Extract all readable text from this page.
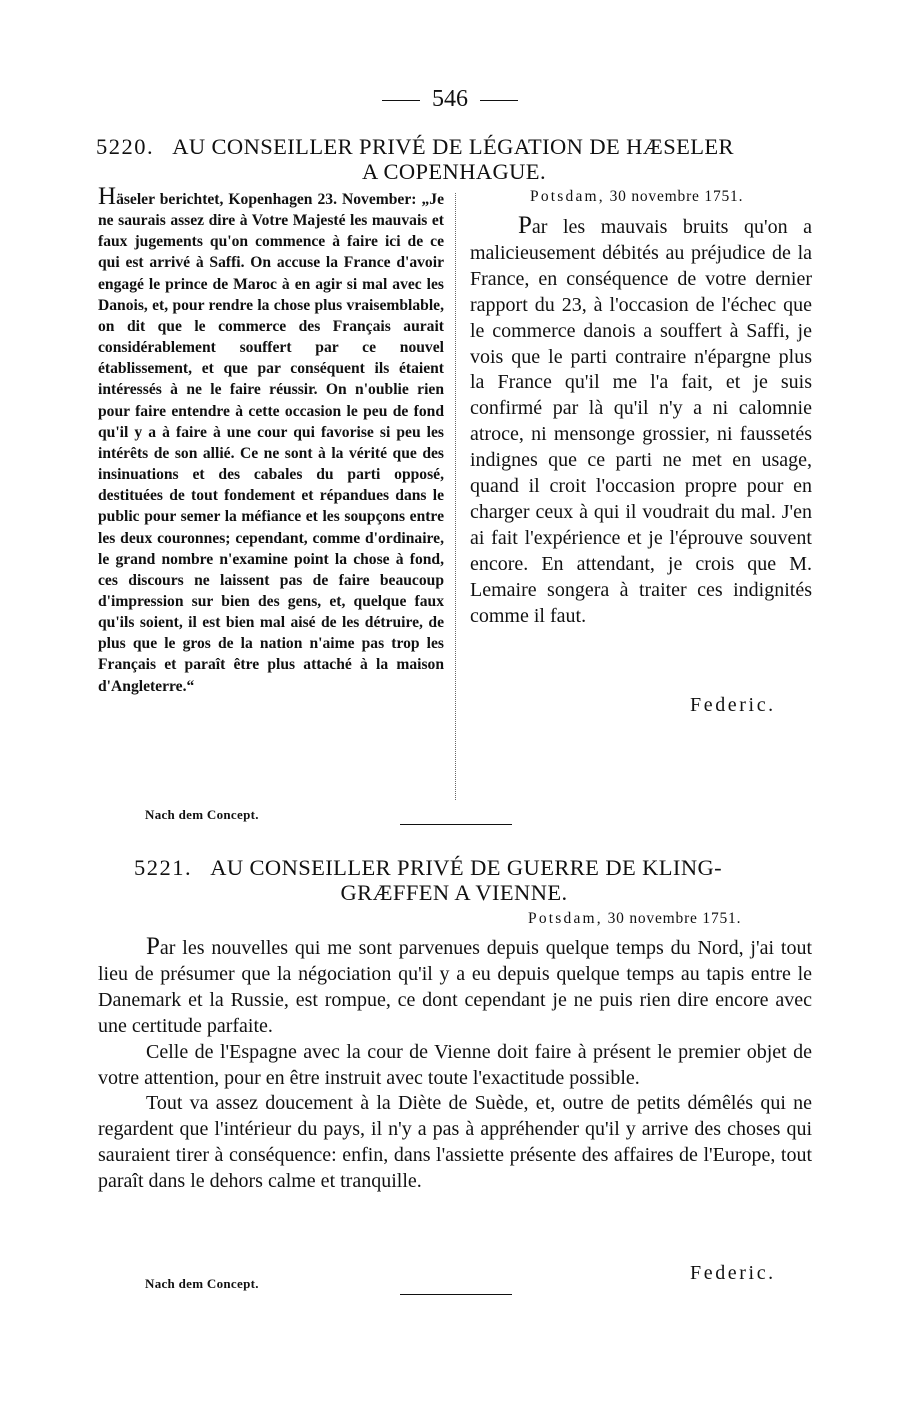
546
5220. AU CONSEILLER PRIVÉ DE LÉGATION DE HÆSELER
A COPENHAGUE.

Häseler berichtet, Kopenhagen 23. November: „Je ne saurais assez dire à Votre Majesté les mauvais et faux jugements qu'on commence à faire ici de ce qui est arrivé à Saffi. On accuse la France d'avoir engagé le prince de Maroc à en agir si mal avec les Danois, et, pour rendre la chose plus vraisemblable, on dit que le commerce des Français aurait considérablement souffert par ce nouvel établissement, et que par conséquent ils étaient intéressés à ne le faire réussir. On n'oublie rien pour faire entendre à cette occasion le peu de fond qu'il y a à faire à une cour qui favorise si peu les intérêts de son allié. Ce ne sont à la vérité que des insinuations et des cabales du parti opposé, destituées de tout fondement et répandues dans le public pour semer la méfiance et les soupçons entre les deux couronnes; cependant, comme d'ordinaire, le grand nombre n'examine point la chose à fond, ces discours ne laissent pas de faire beaucoup d'impression sur bien des gens, et, quelque faux qu'ils soient, il est bien mal aisé de les détruire, de plus que le gros de la nation n'aime pas trop les Français et paraît être plus attaché à la maison d'Angleterre.“

Potsdam, 30 novembre 1751.

Par les mauvais bruits qu'on a malicieusement débités au préjudice de la France, en conséquence de votre dernier rapport du 23, à l'occasion de l'échec que le commerce danois a souffert à Saffi, je vois que le parti contraire n'épargne plus la France qu'il me l'a fait, et je suis confirmé par là qu'il n'y a ni calomnie atroce, ni mensonge grossier, ni faussetés indignes que ce parti ne met en usage, quand il croit l'occasion propre pour en charger ceux à qui il voudrait du mal. J'en ai fait l'expérience et je l'éprouve souvent encore. En attendant, je crois que M. Lemaire songera à traiter ces indignités comme il faut.

Federic.
Nach dem Concept.
5221. AU CONSEILLER PRIVÉ DE GUERRE DE KLING-
GRÆFFEN A VIENNE.
Potsdam, 30 novembre 1751.

Par les nouvelles qui me sont parvenues depuis quelque temps du Nord, j'ai tout lieu de présumer que la négociation qu'il y a eu depuis quelque temps au tapis entre le Danemark et la Russie, est rompue, ce dont cependant je ne puis rien dire encore avec une certitude parfaite.

Celle de l'Espagne avec la cour de Vienne doit faire à présent le premier objet de votre attention, pour en être instruit avec toute l'exactitude possible.

Tout va assez doucement à la Diète de Suède, et, outre de petits démêlés qui ne regardent que l'intérieur du pays, il n'y a pas à appréhender qu'il y arrive des choses qui sauraient tirer à conséquence: enfin, dans l'assiette présente des affaires de l'Europe, tout paraît dans le dehors calme et tranquille.

Federic.
Nach dem Concept.
